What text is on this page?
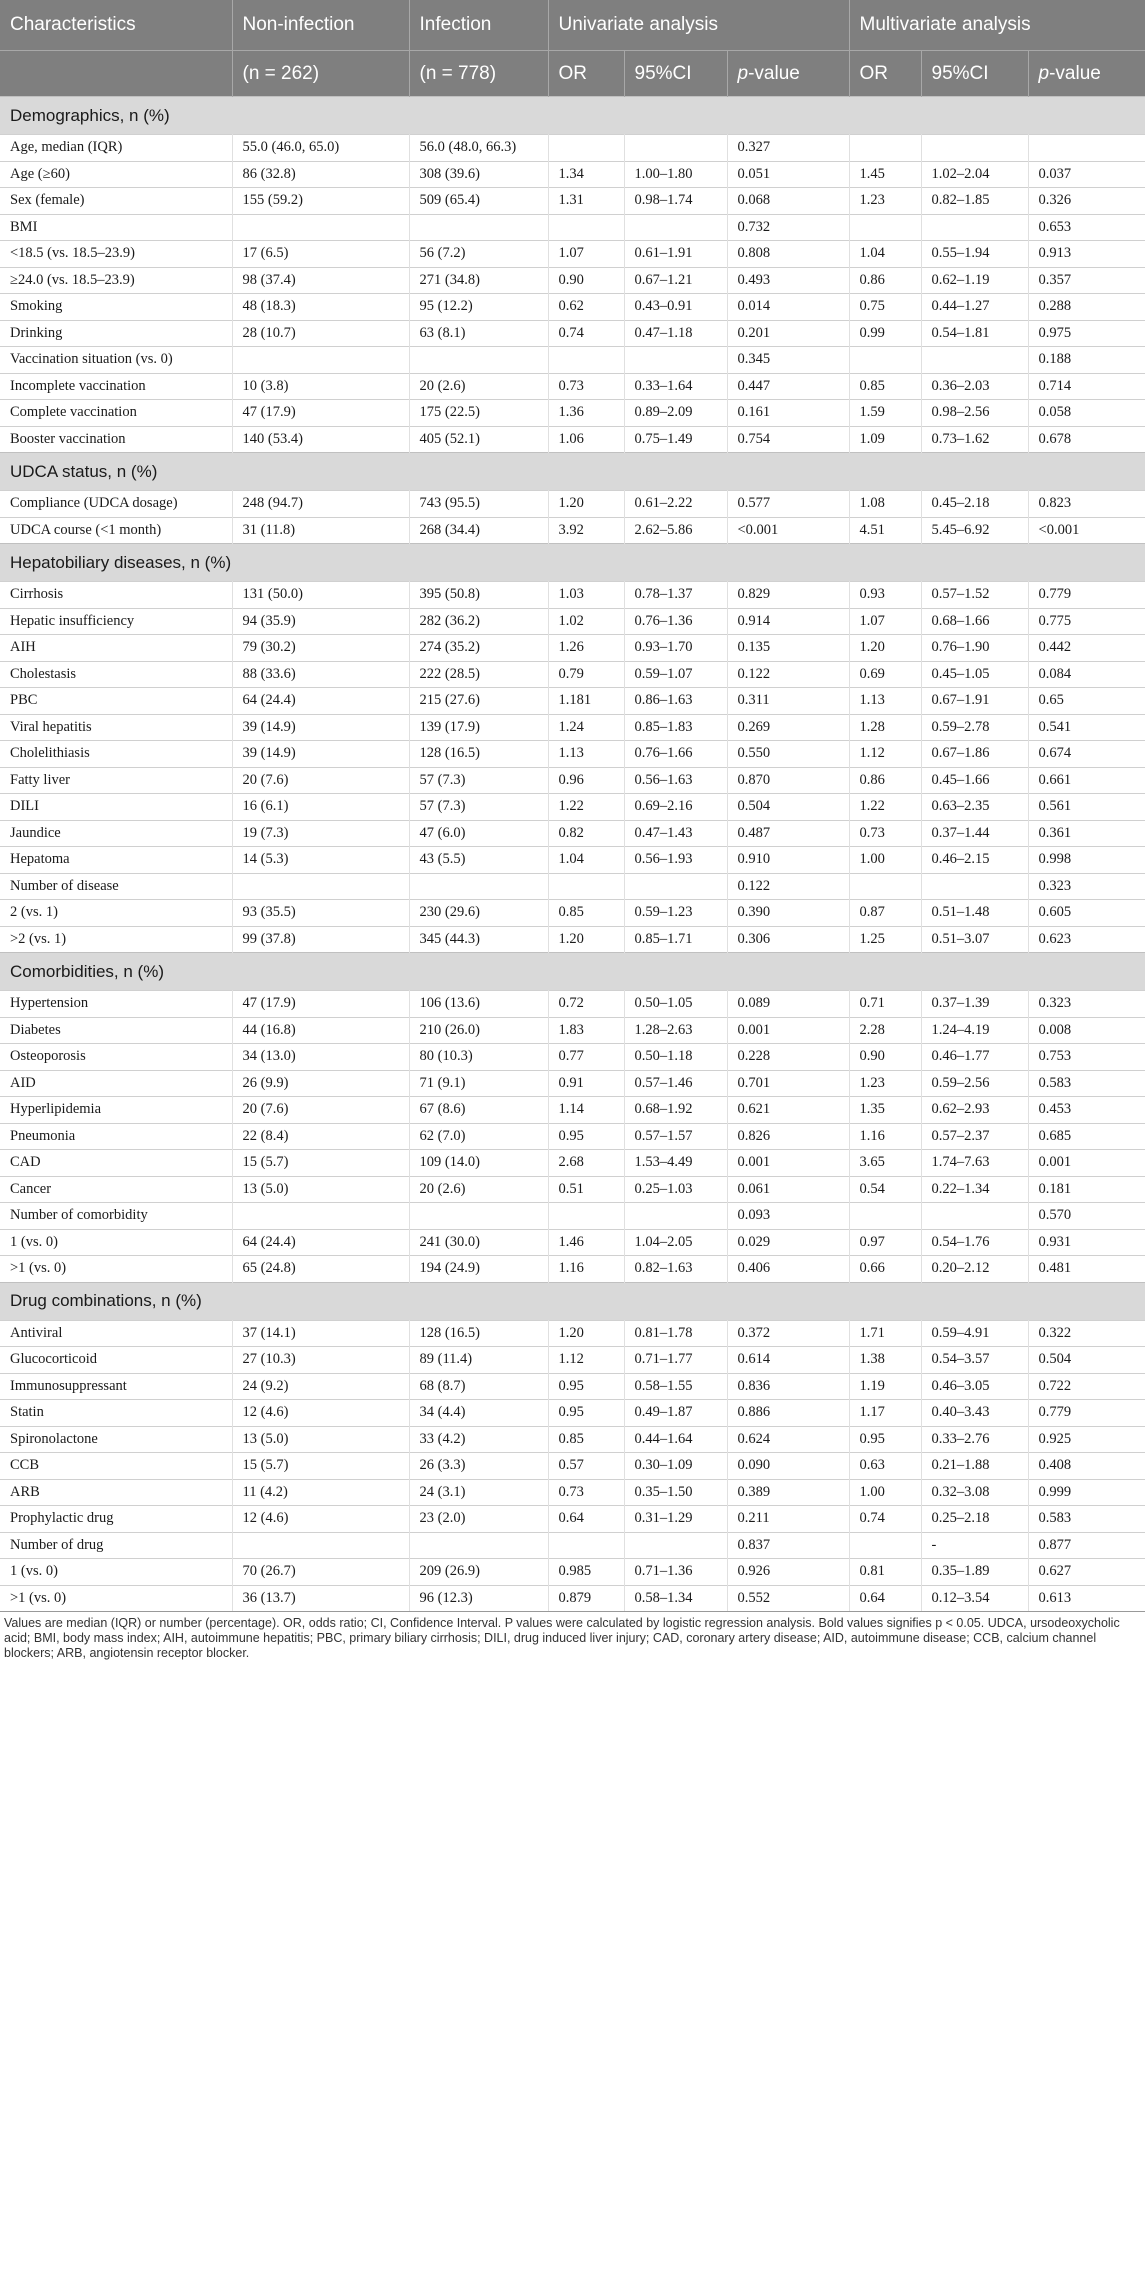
Characteristics	Non-infection	Infection	Univariate analysis			Multivariate analysis		
	(n = 262)	(n = 778)	OR	95%CI	p-value	OR	95%CI	p-value
Demographics, n (%)								
Age, median (IQR)	55.0 (46.0, 65.0)	56.0 (48.0, 66.3)			0.327			
Age (≥60)	86 (32.8)	308 (39.6)	1.34	1.00–1.80	0.051	1.45	1.02–2.04	0.037
Sex (female)	155 (59.2)	509 (65.4)	1.31	0.98–1.74	0.068	1.23	0.82–1.85	0.326
BMI					0.732			0.653
<18.5 (vs. 18.5–23.9)	17 (6.5)	56 (7.2)	1.07	0.61–1.91	0.808	1.04	0.55–1.94	0.913
≥24.0 (vs. 18.5–23.9)	98 (37.4)	271 (34.8)	0.90	0.67–1.21	0.493	0.86	0.62–1.19	0.357
Smoking	48 (18.3)	95 (12.2)	0.62	0.43–0.91	0.014	0.75	0.44–1.27	0.288
Drinking	28 (10.7)	63 (8.1)	0.74	0.47–1.18	0.201	0.99	0.54–1.81	0.975
Vaccination situation (vs. 0)					0.345			0.188
Incomplete vaccination	10 (3.8)	20 (2.6)	0.73	0.33–1.64	0.447	0.85	0.36–2.03	0.714
Complete vaccination	47 (17.9)	175 (22.5)	1.36	0.89–2.09	0.161	1.59	0.98–2.56	0.058
Booster vaccination	140 (53.4)	405 (52.1)	1.06	0.75–1.49	0.754	1.09	0.73–1.62	0.678
UDCA status, n (%)								
Compliance (UDCA dosage)	248 (94.7)	743 (95.5)	1.20	0.61–2.22	0.577	1.08	0.45–2.18	0.823
UDCA course (<1 month)	31 (11.8)	268 (34.4)	3.92	2.62–5.86	<0.001	4.51	5.45–6.92	<0.001
Hepatobiliary diseases, n (%)								
Cirrhosis	131 (50.0)	395 (50.8)	1.03	0.78–1.37	0.829	0.93	0.57–1.52	0.779
Hepatic insufficiency	94 (35.9)	282 (36.2)	1.02	0.76–1.36	0.914	1.07	0.68–1.66	0.775
AIH	79 (30.2)	274 (35.2)	1.26	0.93–1.70	0.135	1.20	0.76–1.90	0.442
Cholestasis	88 (33.6)	222 (28.5)	0.79	0.59–1.07	0.122	0.69	0.45–1.05	0.084
PBC	64 (24.4)	215 (27.6)	1.181	0.86–1.63	0.311	1.13	0.67–1.91	0.65
Viral hepatitis	39 (14.9)	139 (17.9)	1.24	0.85–1.83	0.269	1.28	0.59–2.78	0.541
Cholelithiasis	39 (14.9)	128 (16.5)	1.13	0.76–1.66	0.550	1.12	0.67–1.86	0.674
Fatty liver	20 (7.6)	57 (7.3)	0.96	0.56–1.63	0.870	0.86	0.45–1.66	0.661
DILI	16 (6.1)	57 (7.3)	1.22	0.69–2.16	0.504	1.22	0.63–2.35	0.561
Jaundice	19 (7.3)	47 (6.0)	0.82	0.47–1.43	0.487	0.73	0.37–1.44	0.361
Hepatoma	14 (5.3)	43 (5.5)	1.04	0.56–1.93	0.910	1.00	0.46–2.15	0.998
Number of disease					0.122			0.323
2 (vs. 1)	93 (35.5)	230 (29.6)	0.85	0.59–1.23	0.390	0.87	0.51–1.48	0.605
>2 (vs. 1)	99 (37.8)	345 (44.3)	1.20	0.85–1.71	0.306	1.25	0.51–3.07	0.623
Comorbidities, n (%)								
Hypertension	47 (17.9)	106 (13.6)	0.72	0.50–1.05	0.089	0.71	0.37–1.39	0.323
Diabetes	44 (16.8)	210 (26.0)	1.83	1.28–2.63	0.001	2.28	1.24–4.19	0.008
Osteoporosis	34 (13.0)	80 (10.3)	0.77	0.50–1.18	0.228	0.90	0.46–1.77	0.753
AID	26 (9.9)	71 (9.1)	0.91	0.57–1.46	0.701	1.23	0.59–2.56	0.583
Hyperlipidemia	20 (7.6)	67 (8.6)	1.14	0.68–1.92	0.621	1.35	0.62–2.93	0.453
Pneumonia	22 (8.4)	62 (7.0)	0.95	0.57–1.57	0.826	1.16	0.57–2.37	0.685
CAD	15 (5.7)	109 (14.0)	2.68	1.53–4.49	0.001	3.65	1.74–7.63	0.001
Cancer	13 (5.0)	20 (2.6)	0.51	0.25–1.03	0.061	0.54	0.22–1.34	0.181
Number of comorbidity					0.093			0.570
1 (vs. 0)	64 (24.4)	241 (30.0)	1.46	1.04–2.05	0.029	0.97	0.54–1.76	0.931
>1 (vs. 0)	65 (24.8)	194 (24.9)	1.16	0.82–1.63	0.406	0.66	0.20–2.12	0.481
Drug combinations, n (%)								
Antiviral	37 (14.1)	128 (16.5)	1.20	0.81–1.78	0.372	1.71	0.59–4.91	0.322
Glucocorticoid	27 (10.3)	89 (11.4)	1.12	0.71–1.77	0.614	1.38	0.54–3.57	0.504
Immunosuppressant	24 (9.2)	68 (8.7)	0.95	0.58–1.55	0.836	1.19	0.46–3.05	0.722
Statin	12 (4.6)	34 (4.4)	0.95	0.49–1.87	0.886	1.17	0.40–3.43	0.779
Spironolactone	13 (5.0)	33 (4.2)	0.85	0.44–1.64	0.624	0.95	0.33–2.76	0.925
CCB	15 (5.7)	26 (3.3)	0.57	0.30–1.09	0.090	0.63	0.21–1.88	0.408
ARB	11 (4.2)	24 (3.1)	0.73	0.35–1.50	0.389	1.00	0.32–3.08	0.999
Prophylactic drug	12 (4.6)	23 (2.0)	0.64	0.31–1.29	0.211	0.74	0.25–2.18	0.583
Number of drug					0.837		-	0.877
1 (vs. 0)	70 (26.7)	209 (26.9)	0.985	0.71–1.36	0.926	0.81	0.35–1.89	0.627
>1 (vs. 0)	36 (13.7)	96 (12.3)	0.879	0.58–1.34	0.552	0.64	0.12–3.54	0.613
Values are median (IQR) or number (percentage). OR, odds ratio; CI, Confidence Interval. P values were calculated by logistic regression analysis. Bold values signifies p < 0.05. UDCA, ursodeoxycholic acid; BMI, body mass index; AIH, autoimmune hepatitis; PBC, primary biliary cirrhosis; DILI, drug induced liver injury; CAD, coronary artery disease; AID, autoimmune disease; CCB, calcium channel blockers; ARB, angiotensin receptor blocker.
